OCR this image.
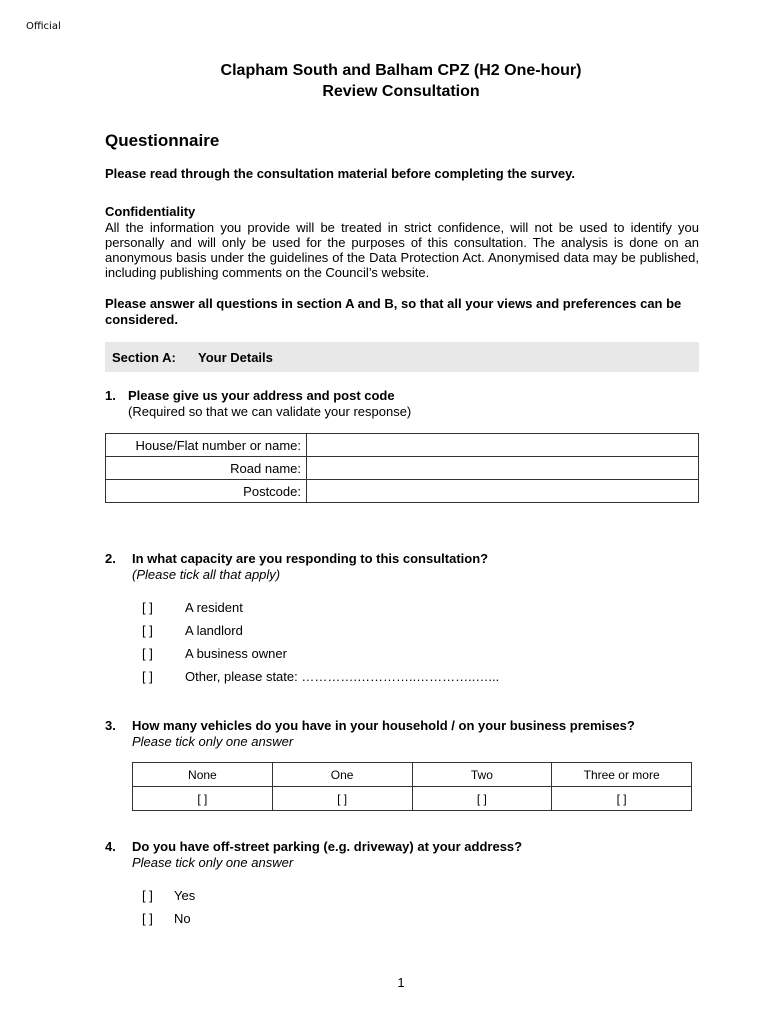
Official
Clapham South and Balham CPZ (H2 One-hour)
Review Consultation
Questionnaire
Please read through the consultation material before completing the survey.
Confidentiality
All the information you provide will be treated in strict confidence, will not be used to identify you personally and will only be used for the purposes of this consultation. The analysis is done on an anonymous basis under the guidelines of the Data Protection Act. Anonymised data may be published, including publishing comments on the Council’s website.
Please answer all questions in section A and B, so that all your views and preferences can be considered.
Section A: Your Details
1. Please give us your address and post code
(Required so that we can validate your response)
House/Flat number or name:	
Road name:	
Postcode:	
2. In what capacity are you responding to this consultation?
(Please tick all that apply)
[ ] A resident
[ ] A landlord
[ ] A business owner
[ ] Other, please state: ………….…………..…………..…...
3. How many vehicles do you have in your household / on your business premises?
Please tick only one answer
None	One	Two	Three or more
[ ]	[ ]	[ ]	[ ]
4. Do you have off-street parking (e.g. driveway) at your address?
Please tick only one answer
[ ] Yes
[ ] No
1
